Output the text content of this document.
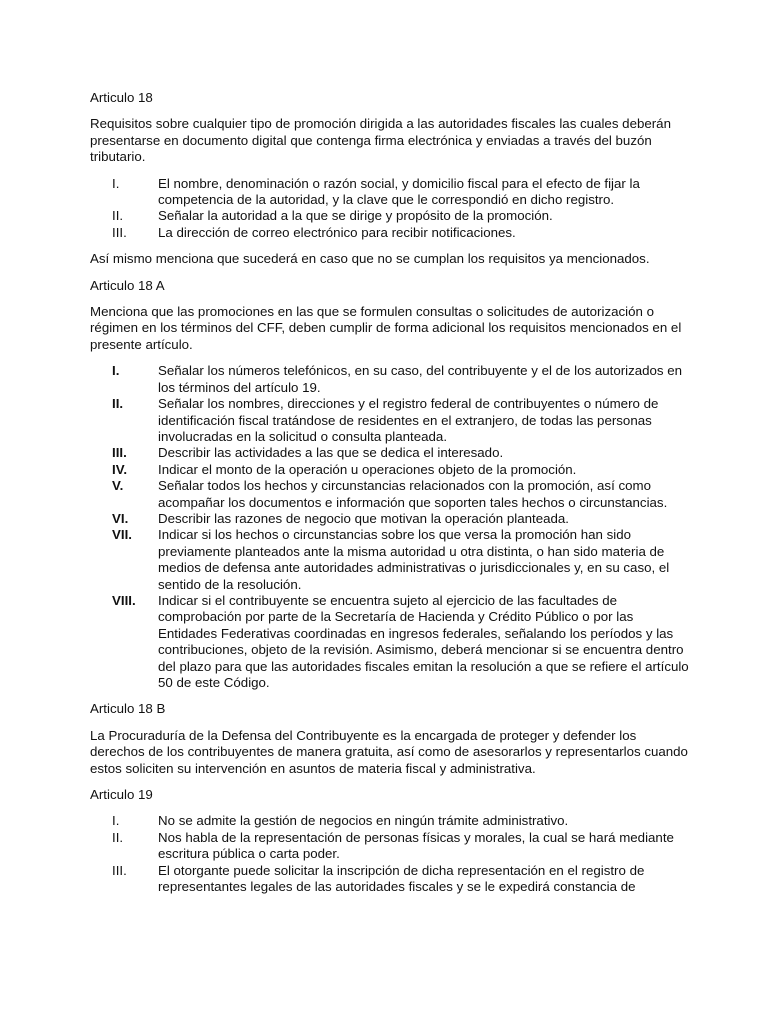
Articulo 18

Requisitos sobre cualquier tipo de promoción dirigida a las autoridades fiscales las cuales deberán presentarse en documento digital que contenga firma electrónica y enviadas a través del buzón tributario.

I.	El nombre, denominación o razón social, y domicilio fiscal para el efecto de fijar la competencia de la autoridad, y la clave que le correspondió en dicho registro.
II.	Señalar la autoridad a la que se dirige y propósito de la promoción.
III.	La dirección de correo electrónico para recibir notificaciones.

Así mismo menciona que sucederá en caso que no se cumplan los requisitos ya mencionados.

Articulo 18 A

Menciona que las promociones en las que se formulen consultas o solicitudes de autorización o régimen en los términos del CFF, deben cumplir de forma adicional los requisitos mencionados en el presente artículo.

I.	Señalar los números telefónicos, en su caso, del contribuyente y el de los autorizados en los términos del artículo 19.
II.	Señalar los nombres, direcciones y el registro federal de contribuyentes o número de identificación fiscal tratándose de residentes en el extranjero, de todas las personas involucradas en la solicitud o consulta planteada.
III.	Describir las actividades a las que se dedica el interesado.
IV.	Indicar el monto de la operación u operaciones objeto de la promoción.
V.	Señalar todos los hechos y circunstancias relacionados con la promoción, así como acompañar los documentos e información que soporten tales hechos o circunstancias.
VI.	Describir las razones de negocio que motivan la operación planteada.
VII.	Indicar si los hechos o circunstancias sobre los que versa la promoción han sido previamente planteados ante la misma autoridad u otra distinta, o han sido materia de medios de defensa ante autoridades administrativas o jurisdiccionales y, en su caso, el sentido de la resolución.
VIII.	Indicar si el contribuyente se encuentra sujeto al ejercicio de las facultades de comprobación por parte de la Secretaría de Hacienda y Crédito Público o por las Entidades Federativas coordinadas en ingresos federales, señalando los períodos y las contribuciones, objeto de la revisión. Asimismo, deberá mencionar si se encuentra dentro del plazo para que las autoridades fiscales emitan la resolución a que se refiere el artículo 50 de este Código.

Articulo 18 B

La Procuraduría de la Defensa del Contribuyente es la encargada de proteger y defender los derechos de los contribuyentes de manera gratuita, así como de asesorarlos y representarlos cuando estos soliciten su intervención en asuntos de materia fiscal y administrativa.

Articulo 19

I.	No se admite la gestión de negocios en ningún trámite administrativo.
II.	Nos habla de la representación de personas físicas y morales, la cual se hará mediante escritura pública o carta poder.
III.	El otorgante puede solicitar la inscripción de dicha representación en el registro de representantes legales de las autoridades fiscales y se le expedirá constancia de
